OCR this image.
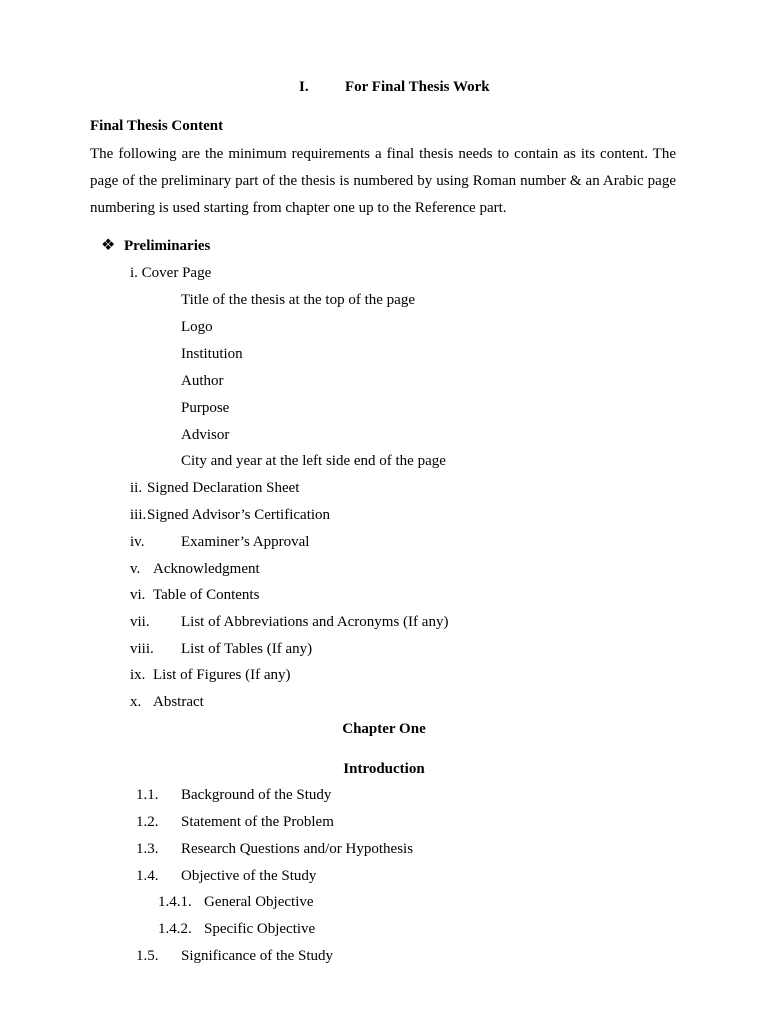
I. For Final Thesis Work
Final Thesis Content
The following are the minimum requirements a final thesis needs to contain as its content. The page of the preliminary part of the thesis is numbered by using Roman number & an Arabic page numbering is used starting from chapter one up to the Reference part.
❖ Preliminaries
i. Cover Page
Title of the thesis at the top of the page
Logo
Institution
Author
Purpose
Advisor
City and year at the left side end of the page
ii. Signed Declaration Sheet
iii. Signed Advisor’s Certification
iv. Examiner’s Approval
v. Acknowledgment
vi. Table of Contents
vii. List of Abbreviations and Acronyms (If any)
viii. List of Tables (If any)
ix. List of Figures (If any)
x. Abstract
Chapter One
Introduction
1.1. Background of the Study
1.2. Statement of the Problem
1.3. Research Questions and/or Hypothesis
1.4. Objective of the Study
1.4.1. General Objective
1.4.2. Specific Objective
1.5. Significance of the Study
